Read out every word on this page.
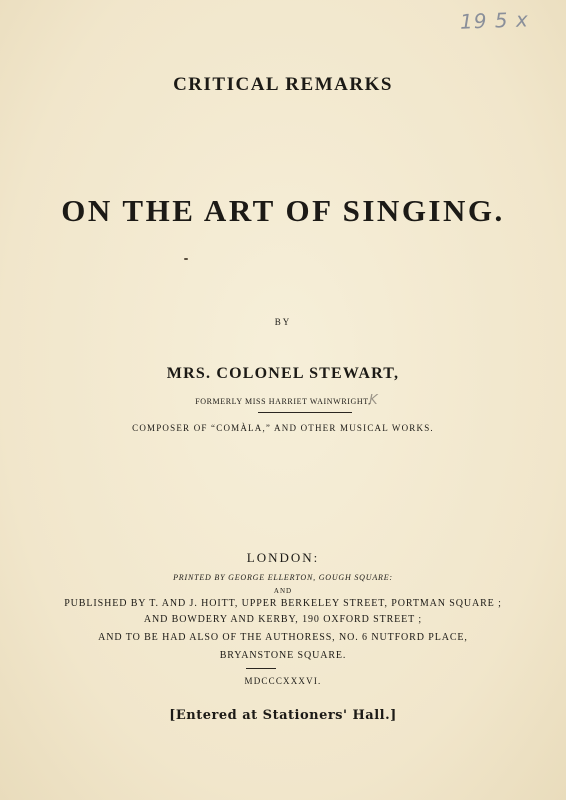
19 5 x
CRITICAL REMARKS
ON THE ART OF SINGING.
BY
MRS. COLONEL STEWART,
FORMERLY MISS HARRIET WAINWRIGHT,
K
COMPOSER OF “COMÀLA,” AND OTHER MUSICAL WORKS.
LONDON:
PRINTED BY GEORGE ELLERTON, GOUGH SQUARE:
AND
PUBLISHED BY T. AND J. HOITT, UPPER BERKELEY STREET, PORTMAN SQUARE ;
AND BOWDERY AND KERBY, 190 OXFORD STREET ;
AND TO BE HAD ALSO OF THE AUTHORESS, NO. 6 NUTFORD PLACE,
BRYANSTONE SQUARE.
MDCCCXXXVI.
[Entered at Stationers' Hall.]
